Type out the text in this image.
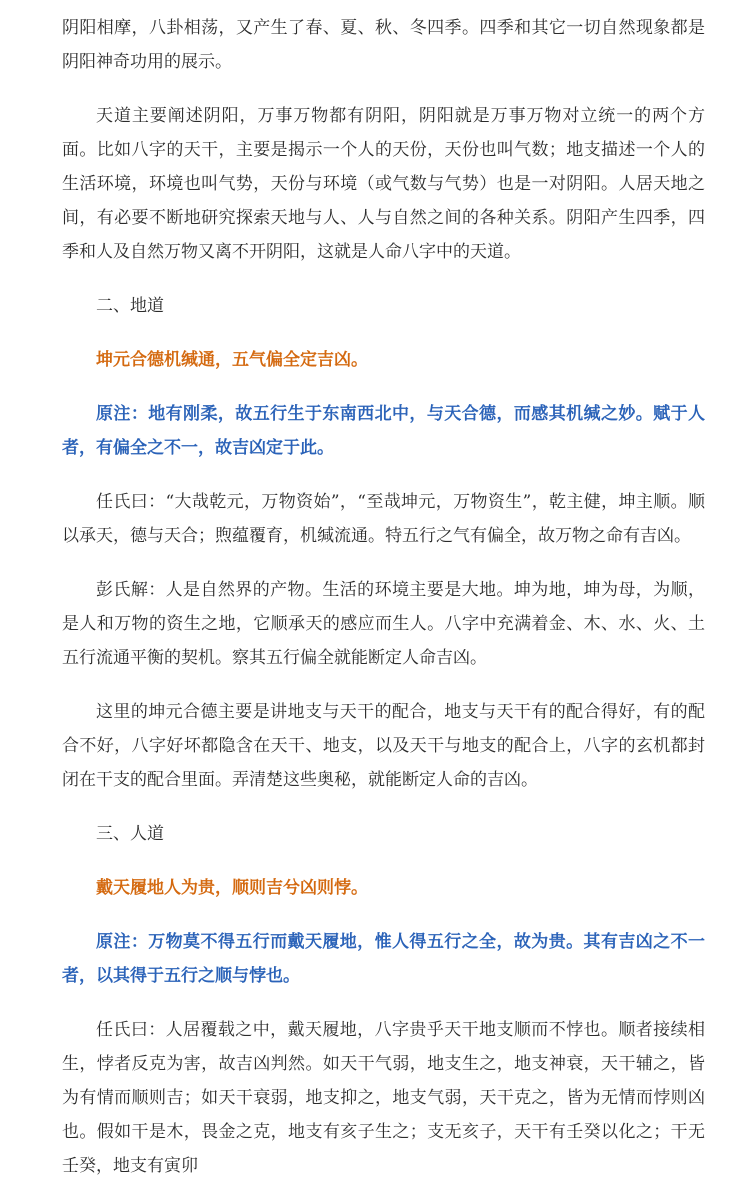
阴阳相摩，八卦相荡，又产生了春、夏、秋、冬四季。四季和其它一切自然现象都是阴阳神奇功用的展示。

天道主要阐述阴阳，万事万物都有阴阳，阴阳就是万事万物对立统一的两个方面。比如八字的天干，主要是揭示一个人的天份，天份也叫气数；地支描述一个人的生活环境，环境也叫气势，天份与环境（或气数与气势）也是一对阴阳。人居天地之间，有必要不断地研究探索天地与人、人与自然之间的各种关系。阴阳产生四季，四季和人及自然万物又离不开阴阳，这就是人命八字中的天道。

二、地道

坤元合德机缄通，五气偏全定吉凶。

原注：地有刚柔，故五行生于东南西北中，与天合德，而感其机缄之妙。赋于人者，有偏全之不一，故吉凶定于此。

任氏曰：“大哉乾元，万物资始”，“至哉坤元，万物资生”，乾主健，坤主顺。顺以承天，德与天合；煦蕴覆育，机缄流通。特五行之气有偏全，故万物之命有吉凶。

彭氏解：人是自然界的产物。生活的环境主要是大地。坤为地，坤为母，为顺，是人和万物的资生之地，它顺承天的感应而生人。八字中充满着金、木、水、火、土五行流通平衡的契机。察其五行偏全就能断定人命吉凶。

这里的坤元合德主要是讲地支与天干的配合，地支与天干有的配合得好，有的配合不好，八字好坏都隐含在天干、地支，以及天干与地支的配合上，八字的玄机都封闭在干支的配合里面。弄清楚这些奥秘，就能断定人命的吉凶。

三、人道

戴天履地人为贵，顺则吉兮凶则悖。

原注：万物莫不得五行而戴天履地，惟人得五行之全，故为贵。其有吉凶之不一者，以其得于五行之顺与悖也。

任氏曰：人居覆载之中，戴天履地，八字贵乎天干地支顺而不悖也。顺者接续相生，悖者反克为害，故吉凶判然。如天干气弱，地支生之，地支神衰，天干辅之，皆为有情而顺则吉；如天干衰弱，地支抑之，地支气弱，天干克之，皆为无情而悖则凶也。假如干是木，畏金之克，地支有亥子生之；支无亥子，天干有壬癸以化之；干无壬癸，地支有寅卯
